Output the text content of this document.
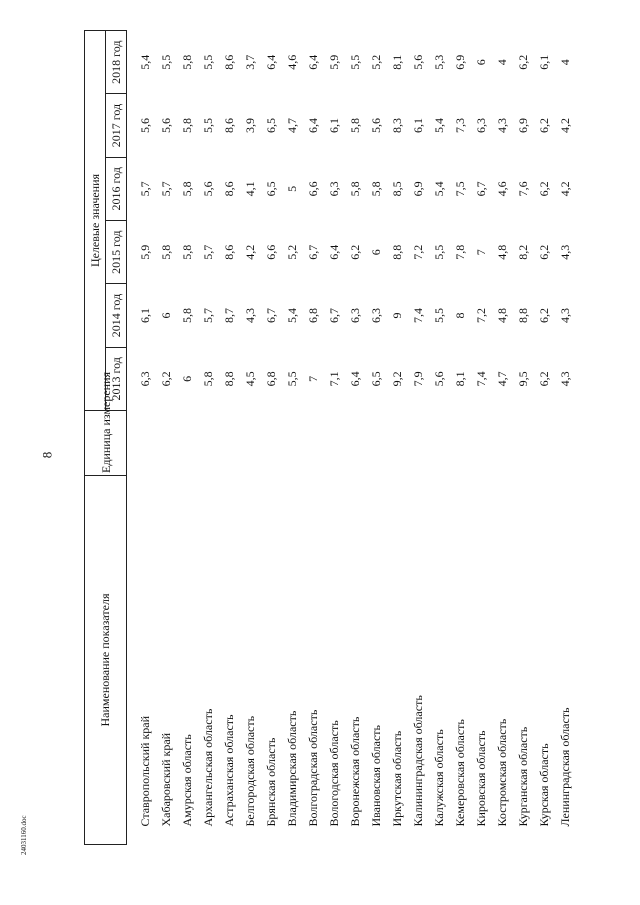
8
Наименование показателя	Единица измерения	Целевые значения					
		2013 год	2014 год	2015 год	2016 год	2017 год	2018 год
Ставропольский край		6,3	6,1	5,9	5,7	5,6	5,4
Хабаровский край		6,2	6	5,8	5,7	5,6	5,5
Амурская область		6	5,8	5,8	5,8	5,8	5,8
Архангельская область		5,8	5,7	5,7	5,6	5,5	5,5
Астраханская область		8,8	8,7	8,6	8,6	8,6	8,6
Белгородская область		4,5	4,3	4,2	4,1	3,9	3,7
Брянская область		6,8	6,7	6,6	6,5	6,5	6,4
Владимирская область		5,5	5,4	5,2	5	4,7	4,6
Волгоградская область		7	6,8	6,7	6,6	6,4	6,4
Вологодская область		7,1	6,7	6,4	6,3	6,1	5,9
Воронежская область		6,4	6,3	6,2	5,8	5,8	5,5
Ивановская область		6,5	6,3	6	5,8	5,6	5,2
Иркутская область		9,2	9	8,8	8,5	8,3	8,1
Калининградская область		7,9	7,4	7,2	6,9	6,1	5,6
Калужская область		5,6	5,5	5,5	5,4	5,4	5,3
Кемеровская область		8,1	8	7,8	7,5	7,3	6,9
Кировская область		7,4	7,2	7	6,7	6,3	6
Костромская область		4,7	4,8	4,8	4,6	4,3	4
Курганская область		9,5	8,8	8,2	7,6	6,9	6,2
Курская область		6,2	6,2	6,2	6,2	6,2	6,1
Ленинградская область		4,3	4,3	4,3	4,2	4,2	4
24031160.doc
